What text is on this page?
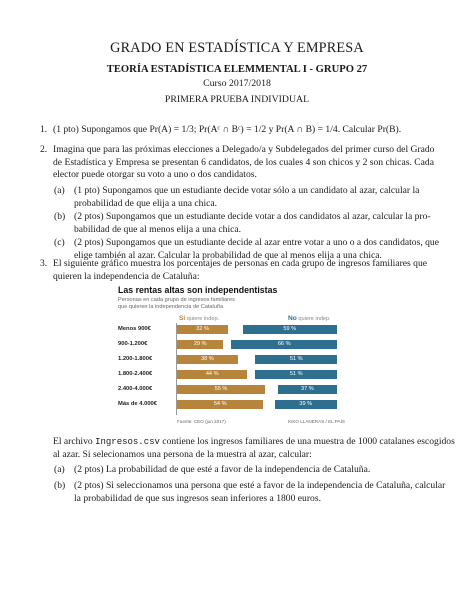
GRADO EN ESTADÍSTICA Y EMPRESA
TEORÍA ESTADÍSTICA ELEMMENTAL I - GRUPO 27
Curso 2017/2018
PRIMERA PRUEBA INDIVIDUAL
1. (1 pto) Supongamos que Pr(A) = 1/3; Pr(Aᶜ ∩ Bᶜ) = 1/2 y Pr(A ∩ B) = 1/4. Calcular Pr(B).
2. Imagina que para las próximas elecciones a Delegado/a y Subdelegados del primer curso del Grado
de Estadística y Empresa se presentan 6 candidatos, de los cuales 4 son chicos y 2 son chicas. Cada
elector puede otorgar su voto a uno o dos candidatos.
(a) (1 pto) Supongamos que un estudiante decide votar sólo a un candidato al azar, calcular la
probabilidad de que elija a una chica.
(b) (2 ptos) Supongamos que un estudiante decide votar a dos candidatos al azar, calcular la pro-
babilidad de que al menos elija a una chica.
(c) (2 ptos) Supongamos que un estudiante decide al azar entre votar a uno o a dos candidatos, que
elige también al azar. Calcular la probabilidad de que al menos elija a una chica.
3. El siguiente gráfico muestra los porcentajes de personas en cada grupo de ingresos familiares que
quieren la independencia de Cataluña:
Las rentas altas son independentistas
Personas en cada grupo de ingresos familiares
que quieren la independencia de Cataluña
Sí quiere indep.	No quiere indep.
Menos 900€	32 %	59 %
900-1.200€	29 %	66 %
1.200-1.800€	38 %	51 %
1.800-2.400€	44 %	51 %
2.400-4.000€	55 %	37 %
Más de 4.000€	54 %	39 %
Fuente: CEO (jun 2017)	KIKO LLANERAS / EL PAÍS
El archivo Ingresos.csv contiene los ingresos familiares de una muestra de 1000 catalanes escogidos
al azar. Si selecionamos una persona de la muestra al azar, calcular:
(a) (2 ptos) La probabilidad de que esté a favor de la independencia de Cataluña.
(b) (2 ptos) Si seleccionamos una persona que esté a favor de la independencia de Cataluña, calcular
la probabilidad de que sus ingresos sean inferiores a 1800 euros.
